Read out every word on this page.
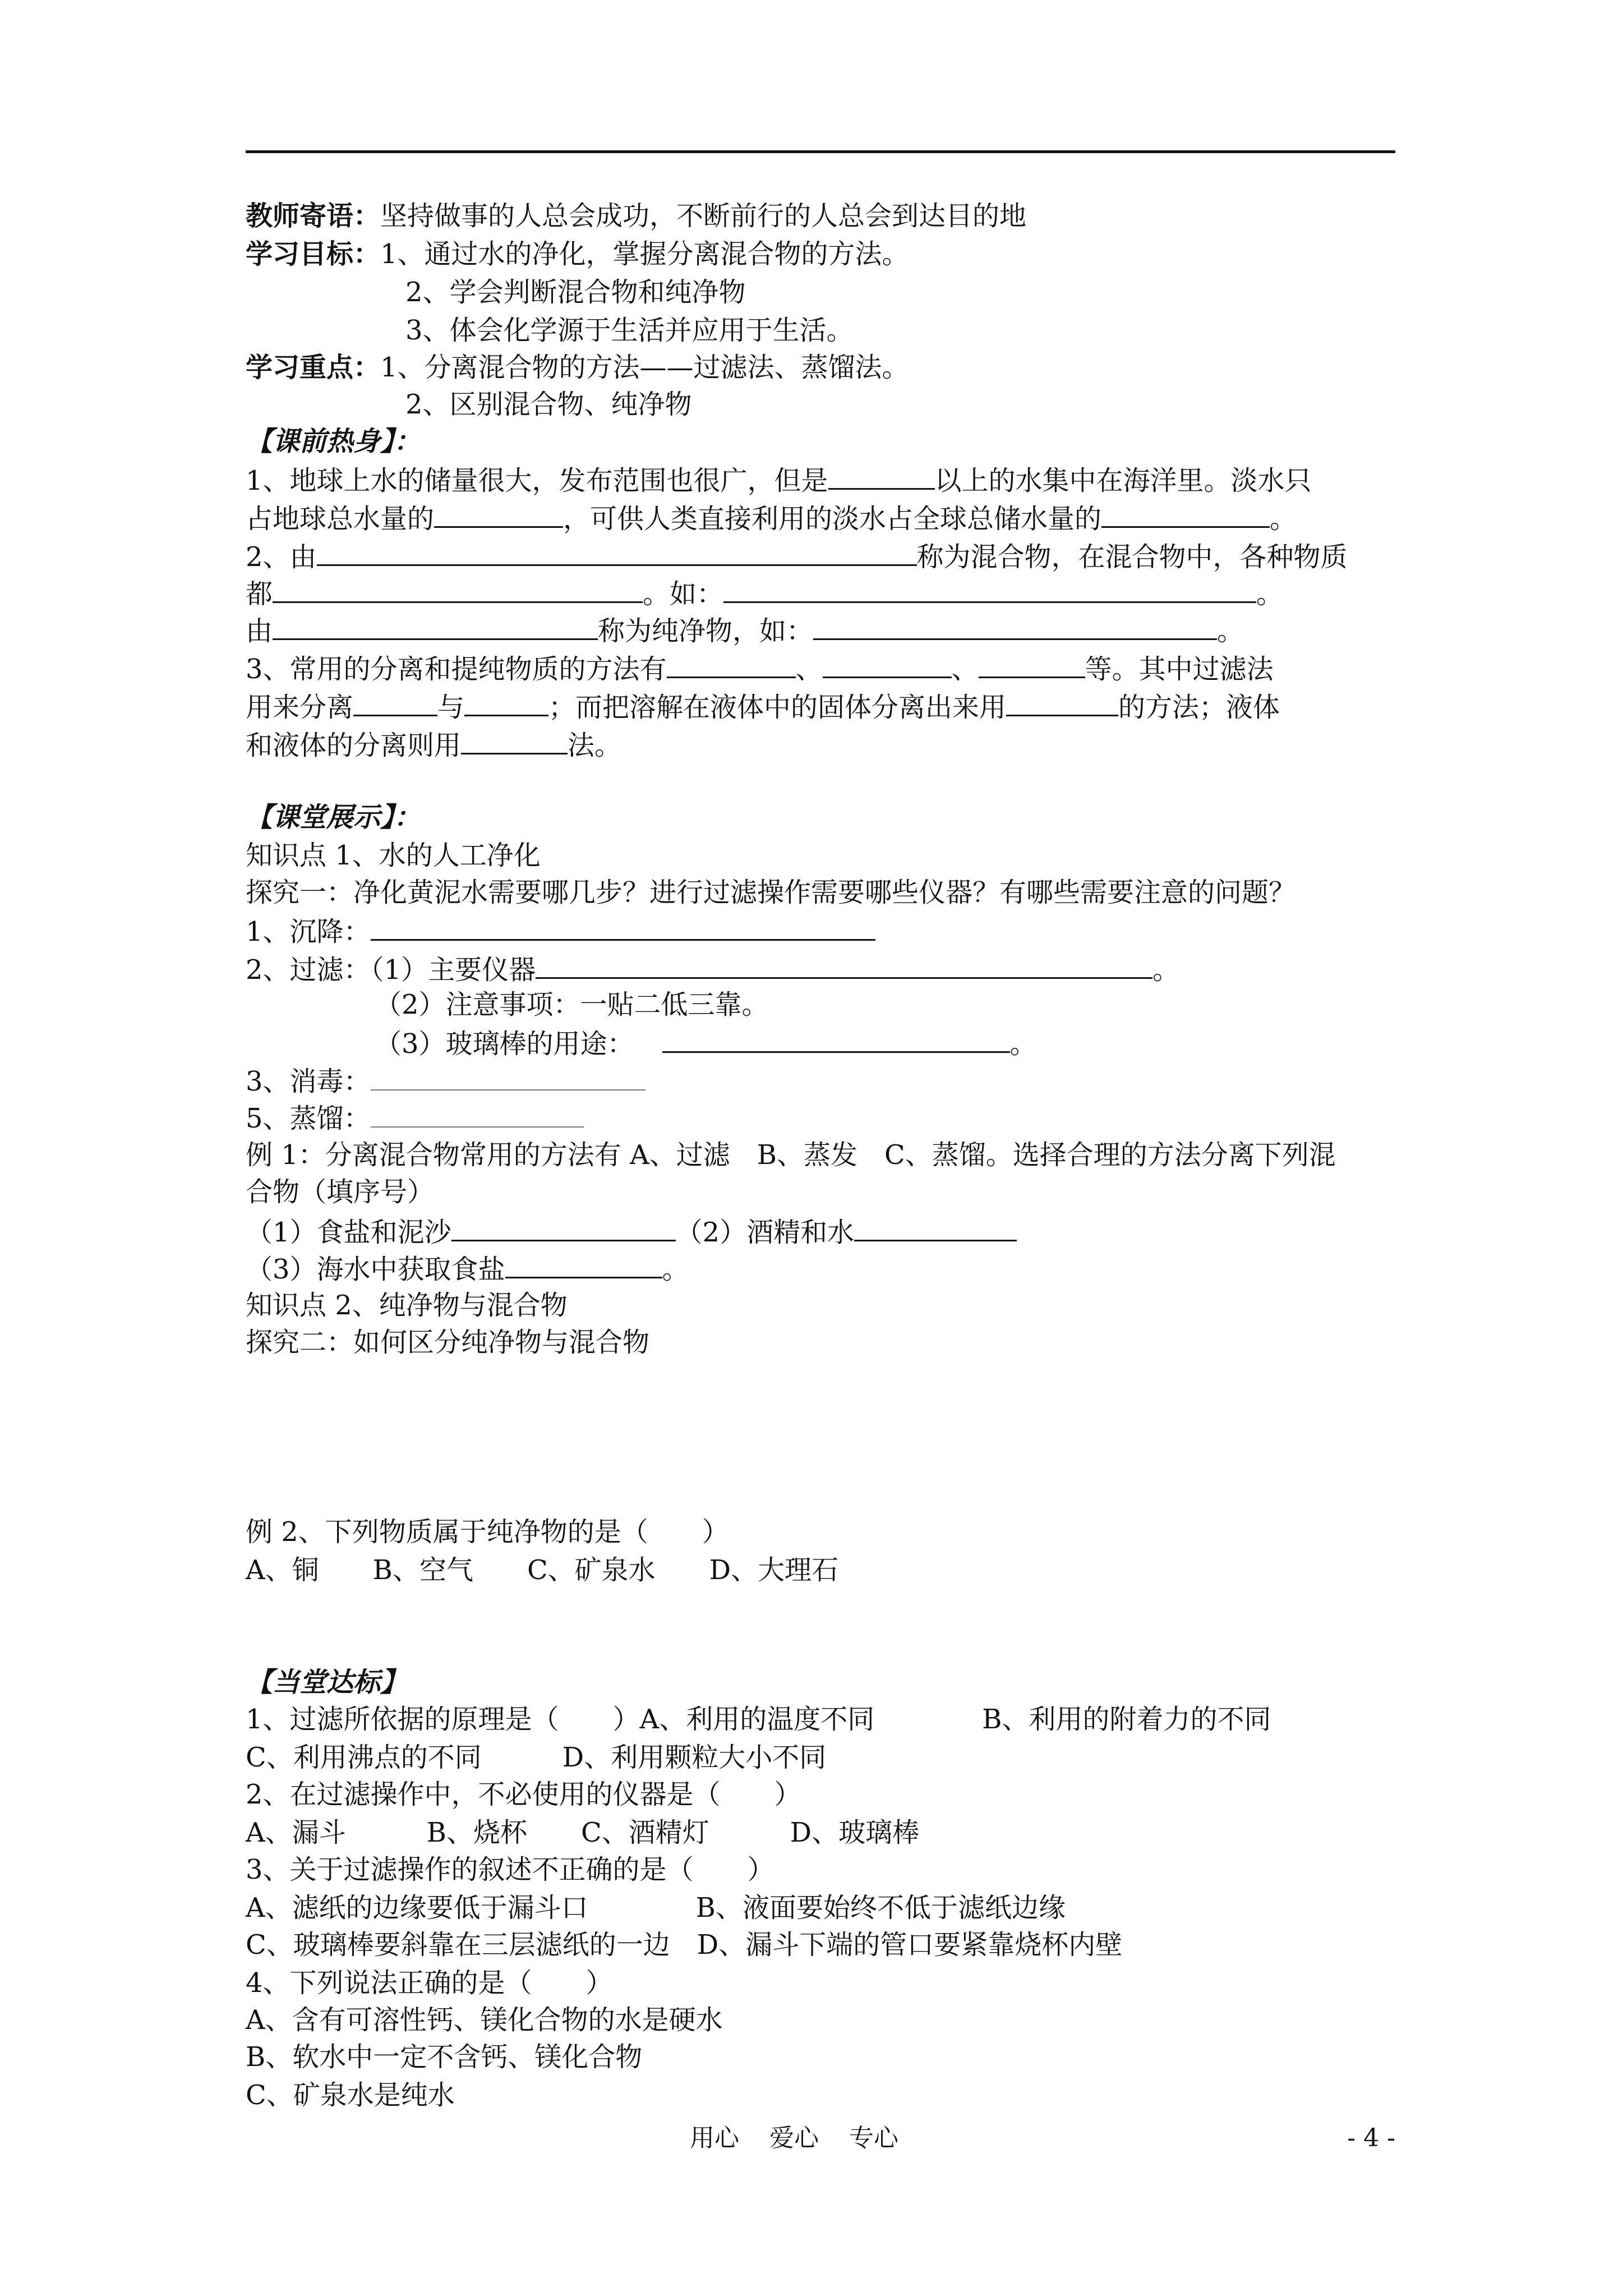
教师寄语：坚持做事的人总会成功，不断前行的人总会到达目的地
学习目标：1、通过水的净化，掌握分离混合物的方法。
2、学会判断混合物和纯净物
3、体会化学源于生活并应用于生活。
学习重点：1、分离混合物的方法——过滤法、蒸馏法。
2、区别混合物、纯净物
【课前热身】：
1、地球上水的储量很大，发布范围也很广，但是	以上的水集中在海洋里。淡水只
占地球总水量的	，可供人类直接利用的淡水占全球总储水量的	。
2、由	称为混合物，在混合物中，各种物质
都	。如：	。
由	称为纯净物，如：	。
3、常用的分离和提纯物质的方法有	、	、	等。其中过滤法
用来分离	与	；而把溶解在液体中的固体分离出来用	的方法；液体
和液体的分离则用	法。
【课堂展示】：
知识点 1、水的人工净化
探究一：净化黄泥水需要哪几步？进行过滤操作需要哪些仪器？有哪些需要注意的问题？
1、沉降：
2、过滤：（1）主要仪器	。
（2）注意事项：一贴二低三靠。
（3）玻璃棒的用途：	。
3、消毒：
5、蒸馏：
例 1：分离混合物常用的方法有 A、过滤　B、蒸发　C、蒸馏。选择合理的方法分离下列混
合物（填序号）
（1）食盐和泥沙	（2）酒精和水
（3）海水中获取食盐	。
知识点 2、纯净物与混合物
探究二：如何区分纯净物与混合物
例 2、下列物质属于纯净物的是（　　）
A、铜　　B、空气　　C、矿泉水　　D、大理石
【当堂达标】
1、过滤所依据的原理是（　　）A、利用的温度不同　　　　B、利用的附着力的不同
C、利用沸点的不同　　　D、利用颗粒大小不同
2、在过滤操作中，不必使用的仪器是（　　）
A、漏斗　　　B、烧杯　　C、酒精灯　　　D、玻璃棒
3、关于过滤操作的叙述不正确的是（　　）
A、滤纸的边缘要低于漏斗口　　　　B、液面要始终不低于滤纸边缘
C、玻璃棒要斜靠在三层滤纸的一边　D、漏斗下端的管口要紧靠烧杯内壁
4、下列说法正确的是（　　）
A、含有可溶性钙、镁化合物的水是硬水
B、软水中一定不含钙、镁化合物
C、矿泉水是纯水
用心 爱心 专心	- 4 -
